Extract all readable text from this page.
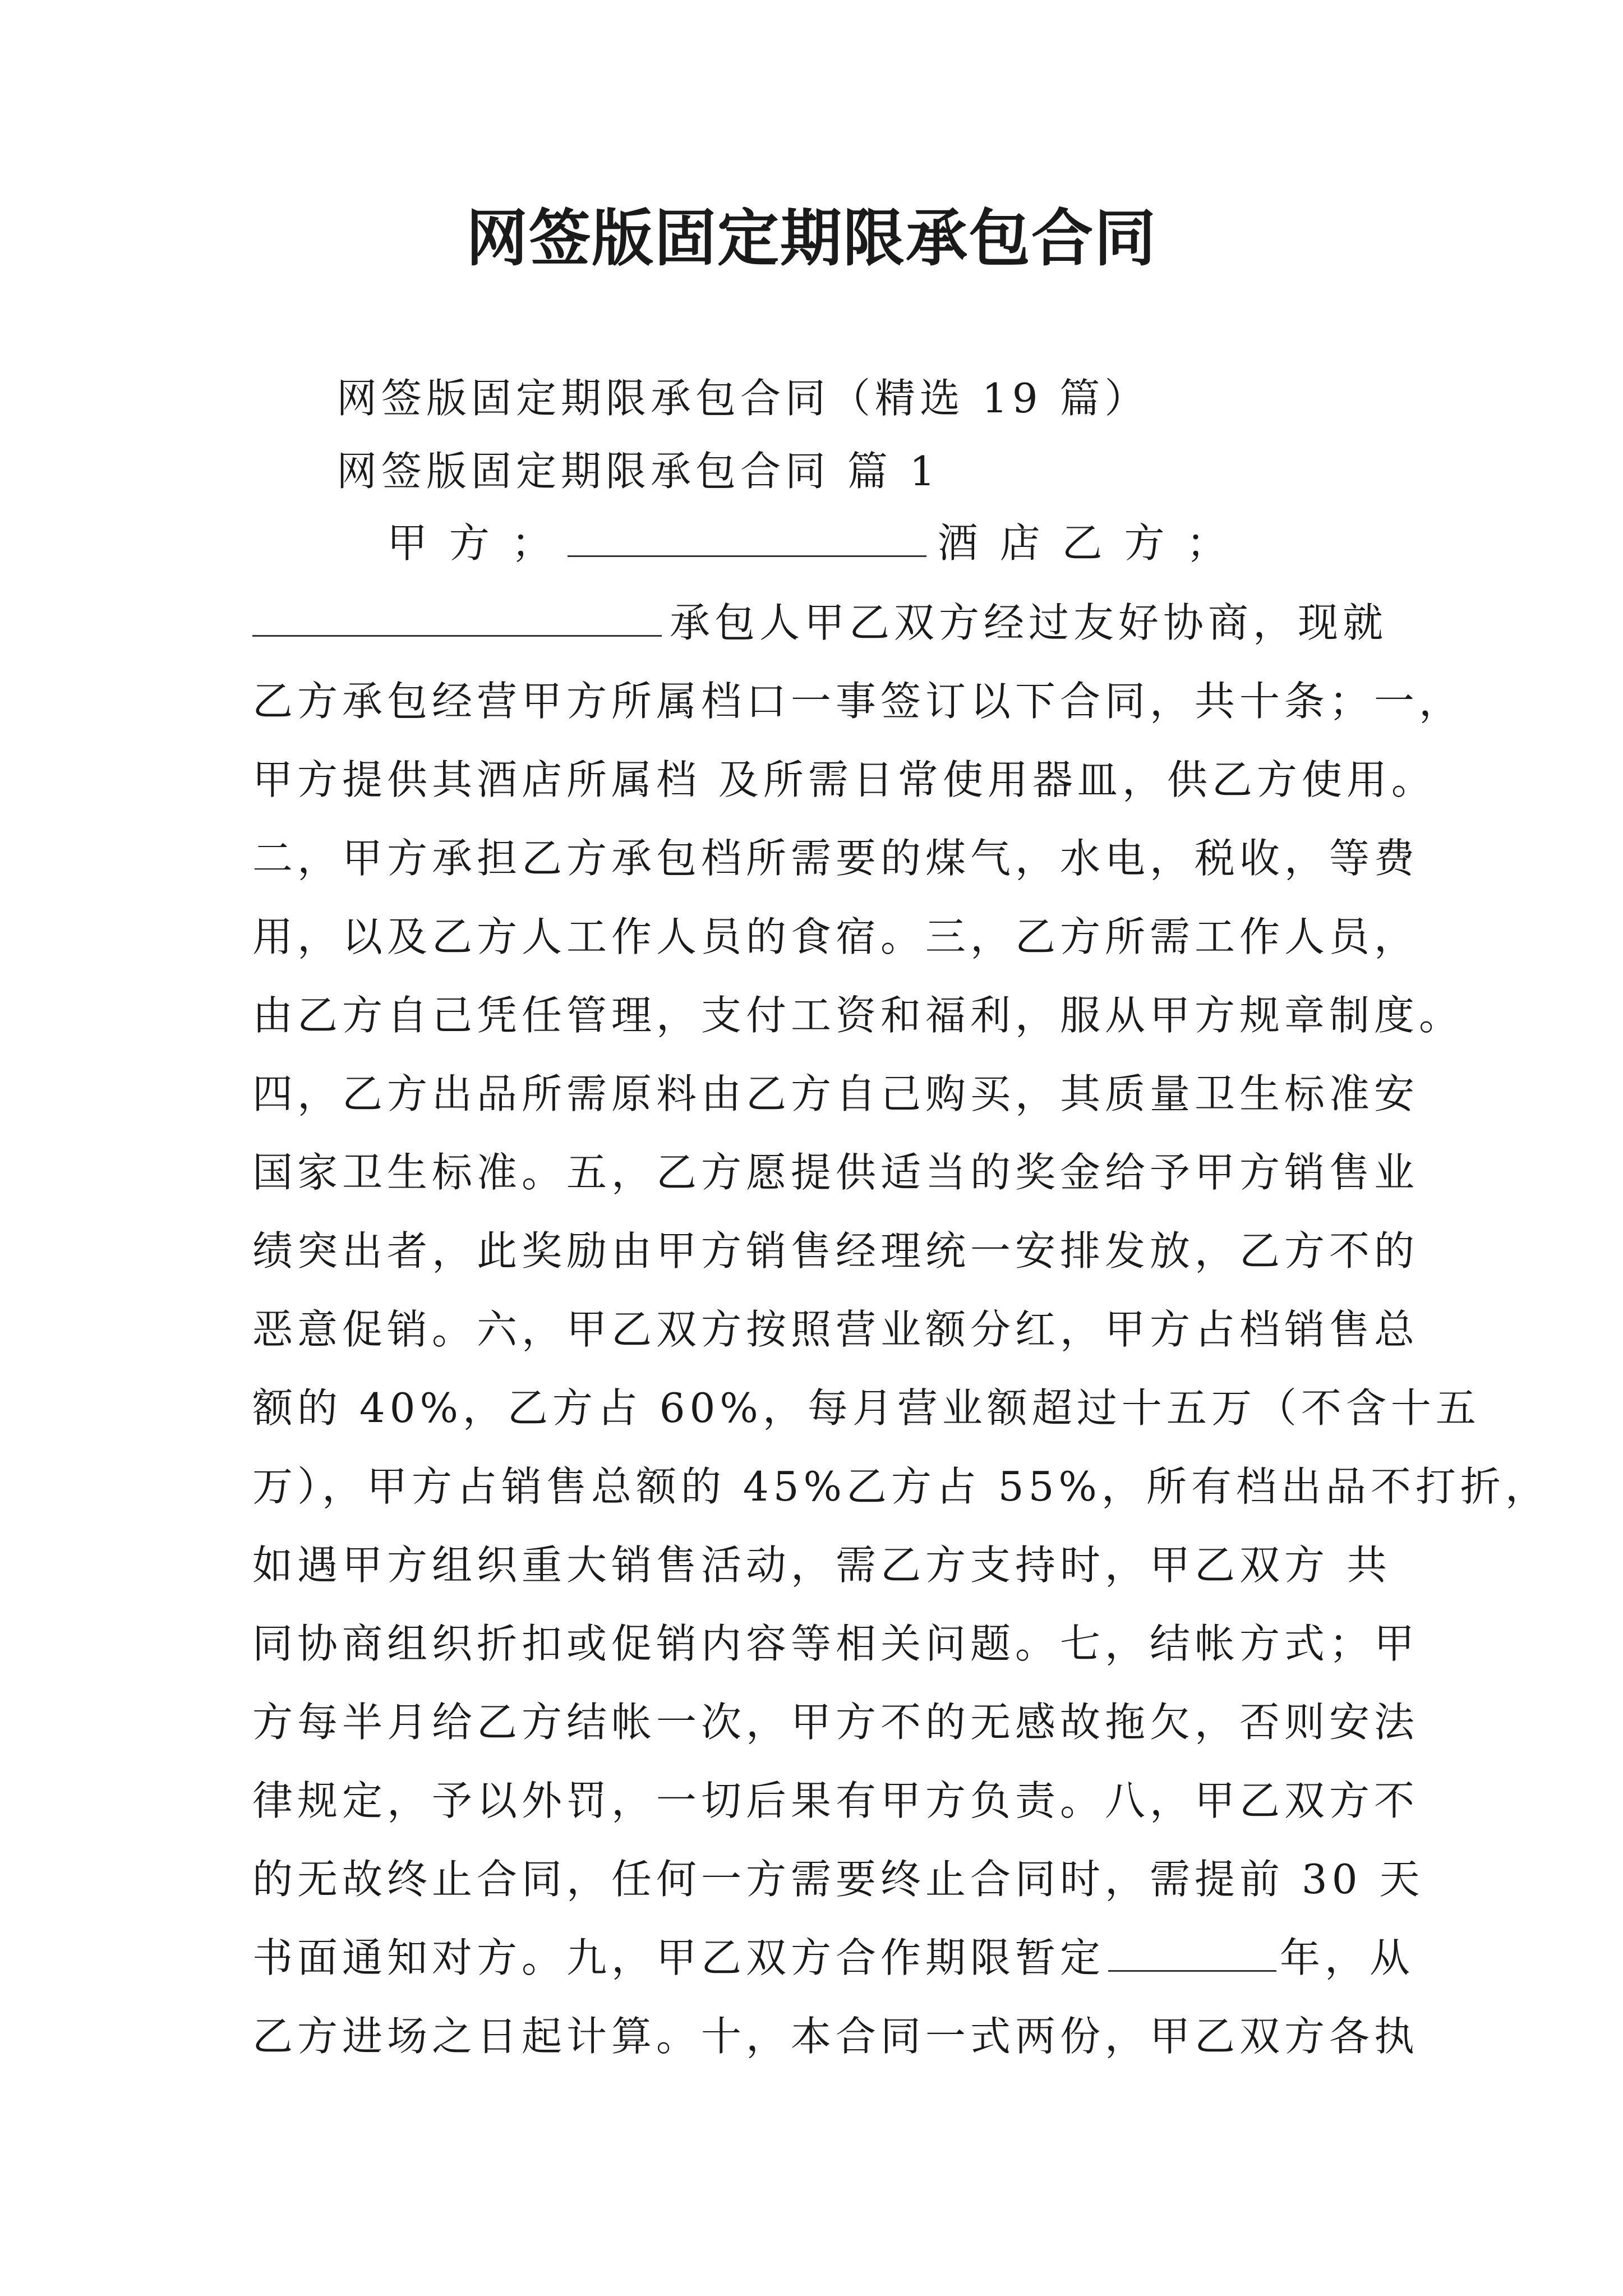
网签版固定期限承包合同

网签版固定期限承包合同（精选 19 篇）

网签版固定期限承包合同 篇 1

甲 方 ；	酒 店 乙 方 ；

承包人甲乙双方经过友好协商，现就

乙方承包经营甲方所属档口一事签订以下合同，共十条；一，

甲方提供其酒店所属档 及所需日常使用器皿，供乙方使用。

二，甲方承担乙方承包档所需要的煤气，水电，税收，等费

用，以及乙方人工作人员的食宿。三，乙方所需工作人员，

由乙方自己凭任管理，支付工资和福利，服从甲方规章制度。

四，乙方出品所需原料由乙方自己购买，其质量卫生标准安

国家卫生标准。五，乙方愿提供适当的奖金给予甲方销售业

绩突出者，此奖励由甲方销售经理统一安排发放，乙方不的

恶意促销。六，甲乙双方按照营业额分红，甲方占档销售总

额的 40%，乙方占 60%，每月营业额超过十五万（不含十五

万），甲方占销售总额的 45%乙方占 55%，所有档出品不打折，

如遇甲方组织重大销售活动，需乙方支持时，甲乙双方 共

同协商组织折扣或促销内容等相关问题。七，结帐方式；甲

方每半月给乙方结帐一次，甲方不的无感故拖欠，否则安法

律规定，予以外罚，一切后果有甲方负责。八，甲乙双方不

的无故终止合同，任何一方需要终止合同时，需提前 30 天

书面通知对方。九，甲乙双方合作期限暂定	年，从

乙方进场之日起计算。十，本合同一式两份，甲乙双方各执
